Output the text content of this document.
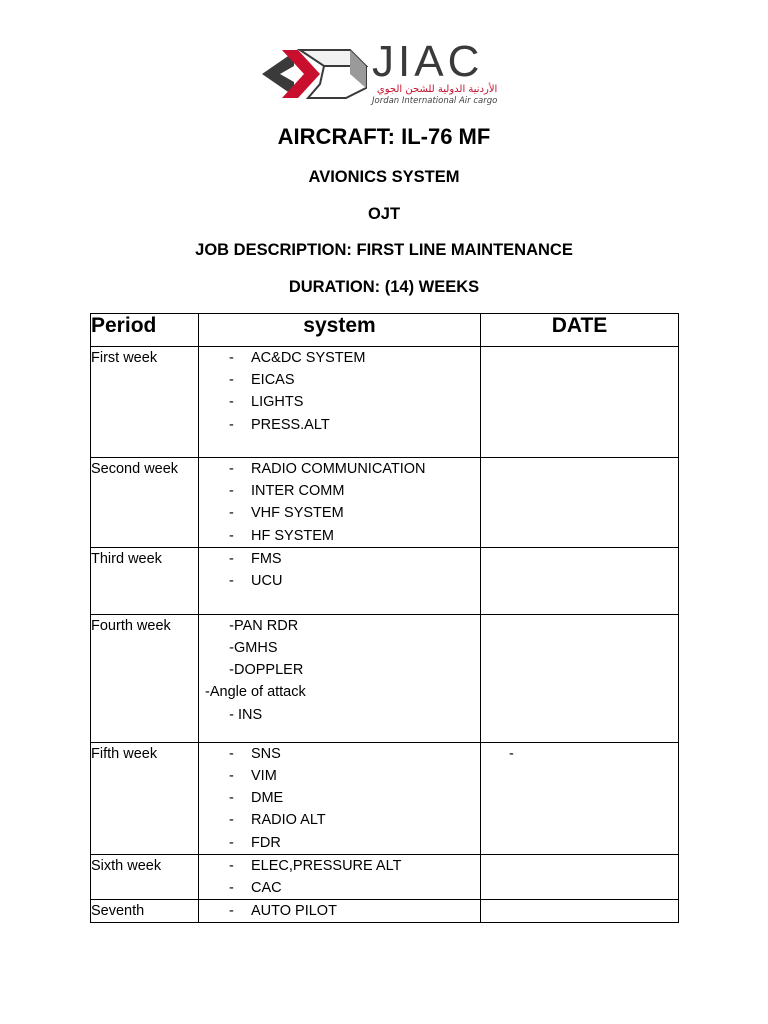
JIAC
الأردنية الدولية للشحن الجوي
Jordan International Air cargo
AIRCRAFT: IL-76 MF
AVIONICS SYSTEM
OJT
JOB DESCRIPTION: FIRST LINE MAINTENANCE
DURATION: (14) WEEKS
Period	system	DATE
First week	- AC&DC SYSTEM
- EICAS
- LIGHTS
- PRESS.ALT

Second week	- RADIO COMMUNICATION
- INTER COMM
- VHF SYSTEM
- HF SYSTEM

Third week	- FMS
- UCU

Fourth week	-PAN RDR
-GMHS
-DOPPLER
-Angle of attack
- INS	

Fifth week	- SNS
- VIM
- DME
- RADIO ALT
- FDR	-

Sixth week	- ELEC,PRESSURE ALT
- CAC

Seventh	- AUTO PILOT
